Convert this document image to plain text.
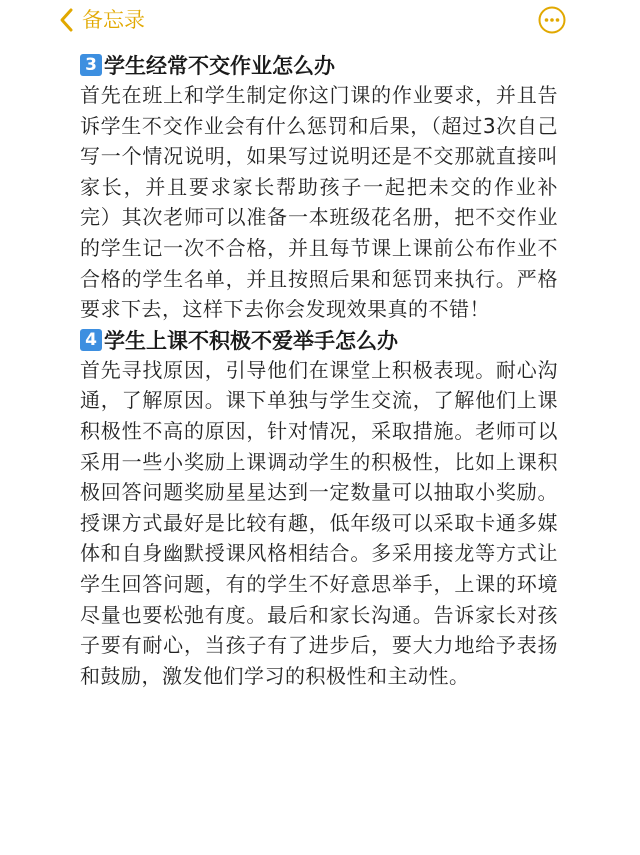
备忘录
3 学生经常不交作业怎么办

首先在班上和学生制定你这门课的作业要求，并且告诉学生不交作业会有什么惩罚和后果，（超过3次自己写一个情况说明，如果写过说明还是不交那就直接叫家长，并且要求家长帮助孩子一起把未交的作业补完）其次老师可以准备一本班级花名册，把不交作业的学生记一次不合格，并且每节课上课前公布作业不合格的学生名单，并且按照后果和惩罚来执行。严格要求下去，这样下去你会发现效果真的不错！

4 学生上课不积极不爱举手怎么办

首先寻找原因，引导他们在课堂上积极表现。耐心沟通，了解原因。课下单独与学生交流，了解他们上课积极性不高的原因，针对情况，采取措施。老师可以采用一些小奖励上课调动学生的积极性，比如上课积极回答问题奖励星星达到一定数量可以抽取小奖励。授课方式最好是比较有趣，低年级可以采取卡通多媒体和自身幽默授课风格相结合。多采用接龙等方式让学生回答问题，有的学生不好意思举手，上课的环境尽量也要松弛有度。最后和家长沟通。告诉家长对孩子要有耐心，当孩子有了进步后，要大力地给予表扬和鼓励，激发他们学习的积极性和主动性。
